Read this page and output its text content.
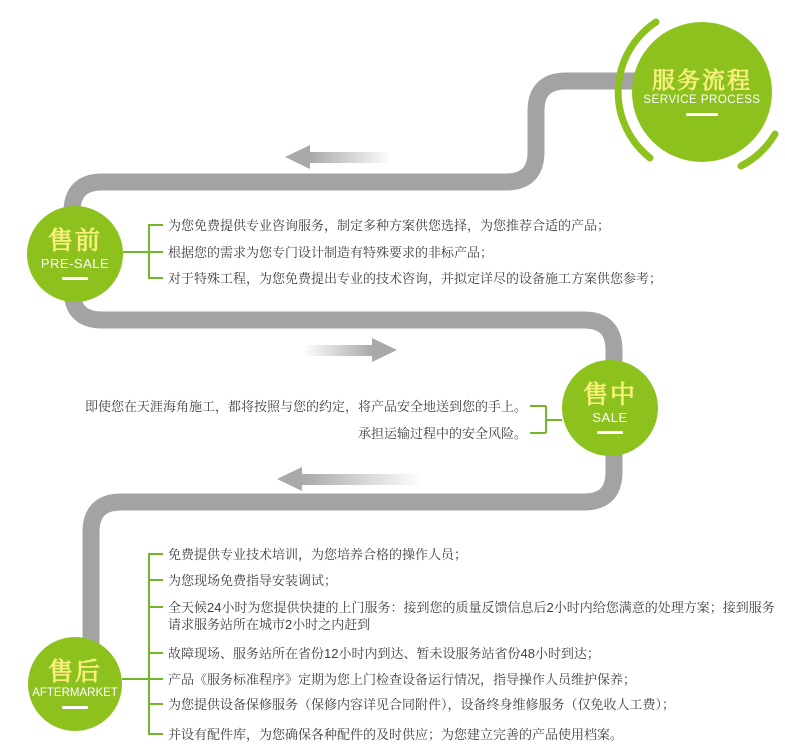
服务流程
SERVICE PROCESS
售前
PRE-SALE
售中
SALE
售后
AFTERMARKET
为您免费提供专业咨询服务，制定多种方案供您选择，为您推荐合适的产品；
根据您的需求为您专门设计制造有特殊要求的非标产品；
对于特殊工程，为您免费提出专业的技术咨询，并拟定详尽的设备施工方案供您参考；
即使您在天涯海角施工，都将按照与您的约定，将产品安全地送到您的手上。
承担运输过程中的安全风险。
免费提供专业技术培训，为您培养合格的操作人员；
为您现场免费指导安装调试；
全天候24小时为您提供快捷的上门服务：接到您的质量反馈信息后2小时内给您满意的处理方案；接到服务请求服务站所在城市2小时之内赶到
故障现场、服务站所在省份12小时内到达、暂未设服务站省份48小时到达；
产品《服务标准程序》定期为您上门检查设备运行情况，指导操作人员维护保养；
为您提供设备保修服务（保修内容详见合同附件），设备终身维修服务（仅免收人工费）；
并设有配件库，为您确保各种配件的及时供应；为您建立完善的产品使用档案。
